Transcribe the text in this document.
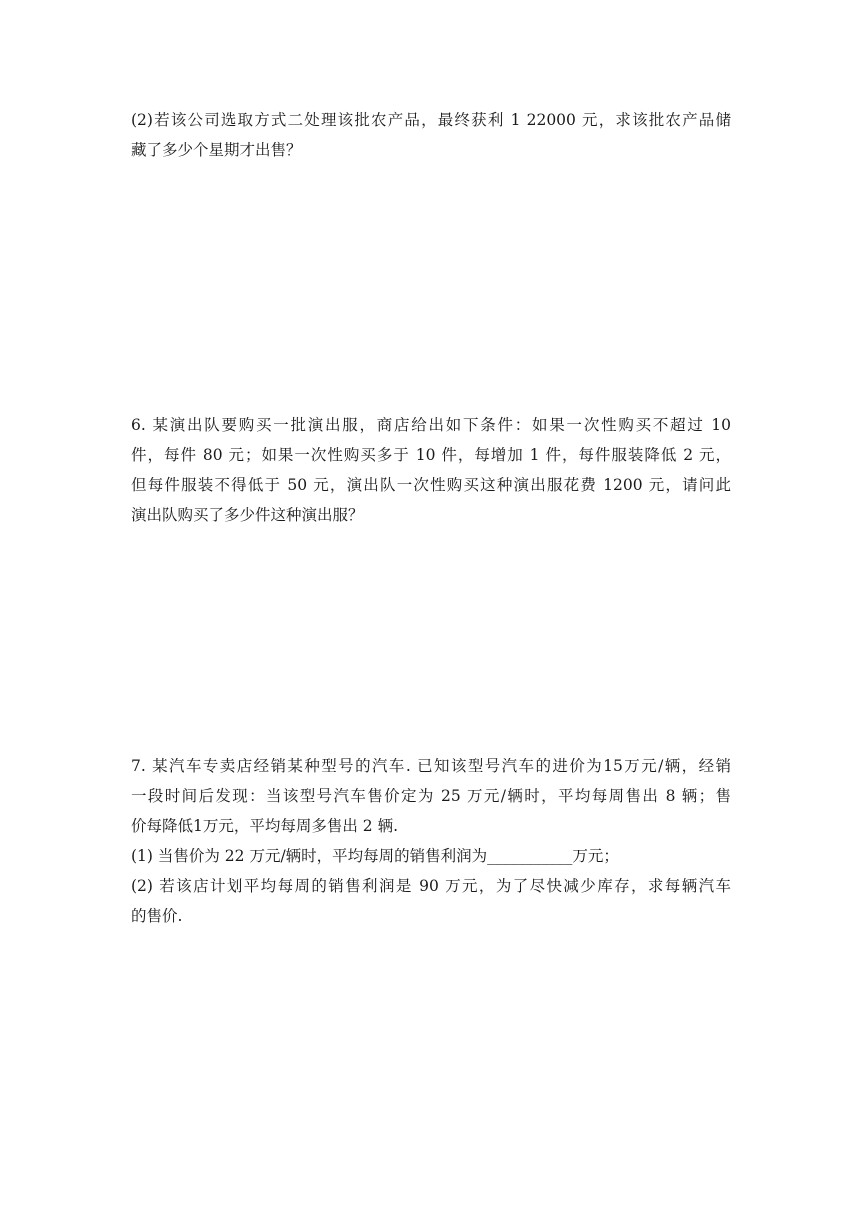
(2)若该公司选取方式二处理该批农产品，最终获利 1 22000 元，求该批农产品储
藏了多少个星期才出售？
6. 某演出队要购买一批演出服，商店给出如下条件：如果一次性购买不超过 10
件，每件 80 元；如果一次性购买多于 10 件，每增加 1 件，每件服装降低 2 元，
但每件服装不得低于 50 元，演出队一次性购买这种演出服花费 1200 元，请问此
演出队购买了多少件这种演出服？
7. 某汽车专卖店经销某种型号的汽车. 已知该型号汽车的进价为15万元/辆，经销
一段时间后发现：当该型号汽车售价定为 25 万元/辆时，平均每周售出 8 辆；售
价每降低1万元，平均每周多售出 2 辆.
(1) 当售价为 22 万元/辆时，平均每周的销售利润为___________万元；
(2) 若该店计划平均每周的销售利润是 90 万元，为了尽快减少库存，求每辆汽车
的售价.
